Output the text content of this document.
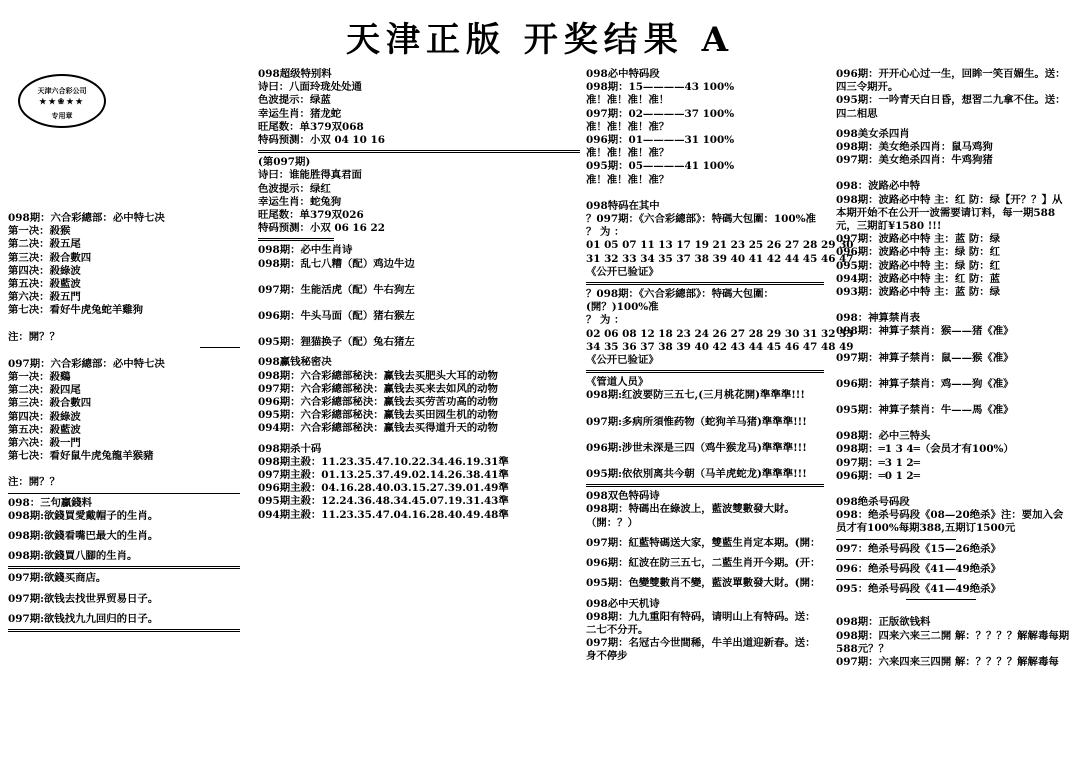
天津正版 开奖结果 A
天津六合彩公司
★★❀★★
专用章
098期：六合彩總部：必中特七决
第一决：殺猴
第二决：殺五尾
第三决：殺合數四
第四决：殺綠波
第五决：殺藍波
第六决：殺五門
第七决：看好牛虎兔蛇羊雞狗
注：開？？
097期：六合彩總部：必中特七决
第一决：殺鷄
第二决：殺四尾
第三决：殺合數四
第四决：殺綠波
第五决：殺藍波
第六决：殺一門
第七决：看好鼠牛虎兔龍羊猴豬
注：開？？
098：三句贏錢料
098期:欲錢買愛戴帽子的生肖。
098期:欲錢看嘴巴最大的生肖。
098期:欲錢買八腳的生肖。
097期:欲錢买商店。
097期:欲钱去找世界贸易日子。
097期:欲钱找九九回归的日子。
098超级特别料
诗曰：八面玲珑处处通
色波提示：绿蓝
幸运生肖：猪龙蛇
旺尾数：单379双068
特码预测：小双 04 10 16
(第097期)
诗曰：谁能胜得真君面
色波提示：绿红
幸运生肖：蛇兔狗
旺尾数：单379双026
特码预测：小双 06 16 22
098期：必中生肖诗
098期：乱七八糟（配）鸡边牛边
097期：生能活虎（配）牛右狗左
096期：牛头马面（配）猪右猴左
095期：狸猫换子（配）兔右猪左
098赢钱秘密决
098期：六合彩總部秘決：赢钱去买肥头大耳的动物
097期：六合彩總部秘決：赢钱去买来去如风的动物
096期：六合彩總部秘決：赢钱去买劳苦功高的动物
095期：六合彩總部秘決：赢钱去买田园生机的动物
094期：六合彩總部秘決：赢钱去买得道升天的动物
098期杀十码
098期主殺：11.23.35.47.10.22.34.46.19.31準
097期主殺：01.13.25.37.49.02.14.26.38.41準
096期主殺：04.16.28.40.03.15.27.39.01.49準
095期主殺：12.24.36.48.34.45.07.19.31.43準
094期主殺：11.23.35.47.04.16.28.40.49.48準
098必中特码段
098期：15————43 100%
准！准！准！准！
097期：02————37 100%
准！准！准！准？
096期：01————31 100%
准！准！准！准？
095期：05————41 100%
准！准！准！准？
098特码在其中
？097期：《六合彩總部》：特碼大包圍：100%准
？ 为 ：
01 05 07 11 13 17 19 21 23 25 26 27 28 29 30
31 32 33 34 35 37 38 39 40 41 42 44 45 46 47
《公开已验证》
？098期：《六合彩總部》：特碼大包圍：(開？)100%准
？ 为 ：
02 06 08 12 18 23 24 26 27 28 29 30 31 32 33
34 35 36 37 38 39 40 42 43 44 45 46 47 48 49
《公开已验证》
《管道人员》
098期:红波要防三五七,(三月桃花開)準準準!!!
097期:多病所須惟药物（蛇狗羊马猪)準準準!!!
096期:涉世未深是三四（鸡牛猴龙马)準準準!!!
095期:依依別离共今朝（马羊虎蛇龙)準準準!!!
098双色特码诗
098期：特碼出在綠波上，藍波雙數發大財。（開：？）
097期：紅藍特碼送大家，雙藍生肖定本期。(開：
096期：紅波在防三五七，二藍生肖开今期。(开：
095期：色變雙數肖不變，藍波單數發大財。(開：
098必中天机诗
098期：九九重阳有特码，请明山上有特码。送：二七不分开。
097期：名冠古今世間稀，牛羊出道迎新春。送：身不停步
096期：开开心心过一生，回眸一笑百媚生。送：四三令期开。
095期：一吟青天白日昏，想習二九拿不住。送：四二相思
098美女杀四肖
098期：美女绝杀四肖：鼠马鸡狗
097期：美女绝杀四肖：牛鸡狗猪
098：波路必中特
098期：波路必中特 主：红 防：绿【开？？】从本期开始不在公开一波需要请订料，每一期588元，三期訂¥1580 !!!
097期：波路必中特 主：蓝 防：绿
096期：波路必中特 主：绿 防：红
095期：波路必中特 主：绿 防：红
094期：波路必中特 主：红 防：蓝
093期：波路必中特 主：蓝 防：绿
098：神算禁肖表
098期：神算子禁肖：猴——猪《准》
097期：神算子禁肖：鼠——猴《准》
096期：神算子禁肖：鸡——狗《准》
095期：神算子禁肖：牛——馬《准》
098期：必中三特头
098期：═1 3 4═（会员才有100%）
097期：═3 1 2═
096期：═0 1 2═
098绝杀号码段
098：绝杀号码段《08—20绝杀》注：要加入会员才有100%每期388,五期订1500元
097：绝杀号码段《15—26绝杀》
096：绝杀号码段《41—49绝杀》
095：绝杀号码段《41—49绝杀》
098期：正版欲钱料
098期：四来六来三二開 解：？？？？解解毒每期588元？？
097期：六来四来三四開 解：？？？？解解毒每
